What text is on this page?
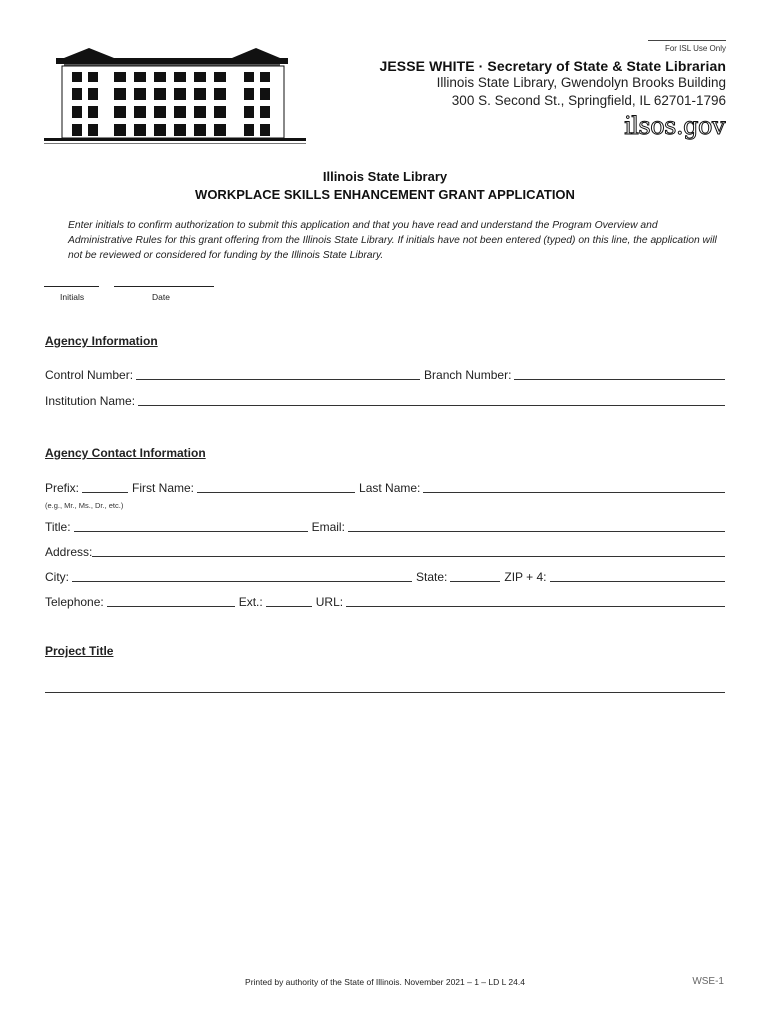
For ISL Use Only
JESSE WHITE · Secretary of State & State Librarian
Illinois State Library, Gwendolyn Brooks Building
300 S. Second St., Springfield, IL 62701-1796
ilsos.gov
Illinois State Library
WORKPLACE SKILLS ENHANCEMENT GRANT APPLICATION
Enter initials to confirm authorization to submit this application and that you have read and understand the Program Overview and Administrative Rules for this grant offering from the Illinois State Library. If initials have not been entered (typed) on this line, the application will not be reviewed or considered for funding by the Illinois State Library.
Initials	Date
Agency Information
Control Number:	Branch Number:
Institution Name:
Agency Contact Information
Prefix:	First Name:	Last Name:
(e.g., Mr., Ms., Dr., etc.)
Title:	Email:
Address:
City:	State:	ZIP + 4:
Telephone:	Ext.:	URL:
Project Title
Printed by authority of the State of Illinois. November 2021 – 1 – LD L 24.4	WSE-1
